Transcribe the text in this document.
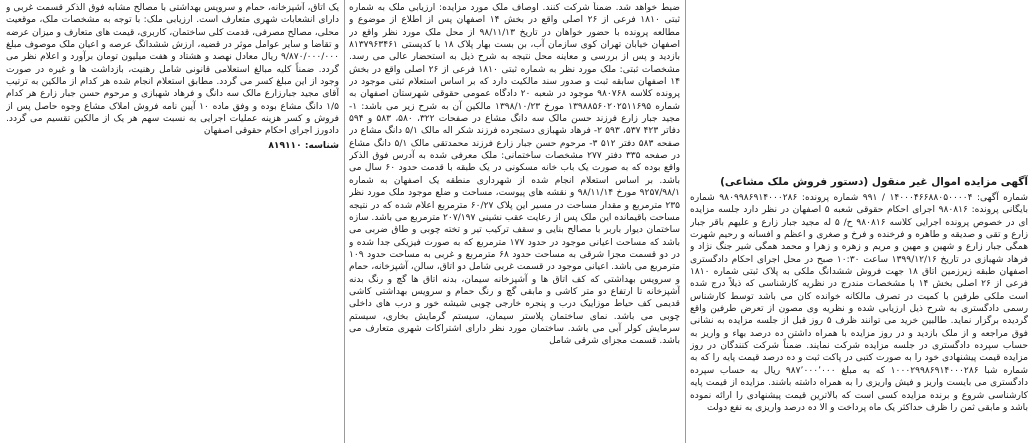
آگهی مزایده اموال غیر منقول (دستور فروش ملک مشاعی)
شماره آگهی: ۱۴۰۰۰۴۶۶۸۸۰۵۰۰۰۰۴ / ۹۹۱ شماره پرونده: ۹۸۰۹۹۸۶۹۱۴۰۰۰۲۸۶ شماره بایگانی پرونده: ۹۸۰۸۱۶ اجرای احکام حقوقی شعبه ۵ اصفهان در نظر دارد جلسه مزایده ای در خصوص پرونده اجرایی کلاسه ۹۸۰۸۱۶ ح/ ۵ له مجید جبار زارع و علیهم باقر جبار زارع و تقی و صدیقه و طاهره و فرخنده و فرخ و صغری و اعظم و افسانه و رحیم شهرت همگی جبار زارع و شهین و مهین و مریم و زهره و زهرا و محمد همگی شیر جنگ نژاد و فرهاد شهبازی در تاریخ ۱۳۹۹/۱۲/۱۶ ساعت ۱۰:۳۰ صبح در محل اجرای احکام دادگستری اصفهان طبقه زیرزمین اتاق ۱۸ جهت فروش ششدانگ ملکی به پلاک ثبتی شماره ۱۸۱۰ فرعی از ۲۶ اصلی بخش ۱۴ با مشخصات مندرج در نظریه کارشناسی که ذیلاً درج شده است ملکی طرفین با کمیت در تصرف مالکانه خوانده کان می باشد توسط کارشناس رسمی دادگستری به شرح ذیل ارزیابی شده و نظریه وی مصون از تعرض طرفین واقع گردیده برگزار نماید. طالبین خرید می توانند ظرف ۵ روز قبل از جلسه مزایده به نشانی فوق مراجعه و از ملک بازدید و در روز مزایده با همراه داشتن ده درصد بهاء و واریز به حساب سپرده دادگستری در جلسه مزایده شرکت نمایند. ضمناً شرکت کنندگان در روز مزایده قیمت پیشنهادی خود را به صورت کتبی در پاکت ثبت و ده درصد قیمت پایه را که به شماره شبا ۱۰۰۰۲۹۹۸۶۹۱۴۰۰۰۲۸۶ که به مبلغ ۹۸۷٬۰۰۰٬۰۰۰ ریال به حساب سپرده دادگستری می بایست واریز و فیش واریزی را به همراه داشته باشند. مزایده از قیمت پایه کارشناسی شروع و برنده مزایده کسی است که بالاترین قیمت پیشنهادی را ارائه نموده باشد و مابقی ثمن را ظرف حداکثر یک ماه پرداخت و الا ده درصد واریزی به نفع دولت
ضبط خواهد شد. ضمناً شرکت کنند. اوصاف ملک مورد مزایده: ارزیابی ملک به شماره ثبتی ۱۸۱۰ فرعی از ۲۶ اصلی واقع در بخش ۱۴ اصفهان پس از اطلاع از موضوع و مطالعه پرونده با حضور خواهان در تاریخ ۹۸/۱۱/۱۳ از محل ملک مورد نظر واقع در اصفهان خیابان تهران کوی سازمان آب، بن بست بهار پلاک ۱۸ با کدپستی ۸۱۳۷۹۶۳۴۶۱ بازدید و پس از بررسی و معاینه محل نتیجه به شرح ذیل به استحضار عالی می رسد. مشخصات ثبتی: ملک مورد نظر به شماره ثبتی ۱۸۱۰ فرعی از ۲۶ اصلی واقع در بخش ۱۴ اصفهان سابقه ثبت و صدور سند مالکیت دارد که بر اساس استعلام ثبتی موجود در پرونده کلاسه ۹۸۰۷۶۸ موجود در شعبه ۲۰ دادگاه عمومی حقوقی شهرستان اصفهان به شماره ۱۳۹۸۸۵۶۰۲۰۲۵۱۱۶۹۵ مورخ ۱۳۹۸/۱۰/۲۳ مالکین آن به شرح زیر می باشد: ۱- مجید جبار زارع فرزند حسن مالک سه دانگ مشاع در صفحات ۳۲۲، ۵۸۰، ۵۸۳ و ۵۹۴ دفاتر ۴۲۳ ۵۳۷، ۵۹۳ ۲- فرهاد شهبازی دستجرده فرزند شکر اله مالک ۵/۱ دانگ مشاع در صفحه ۵۸۳ دفتر ۵۱۲ ۳- مرحوم حسن جبار زارع فرزند محمدتقی مالک ۵/۱ دانگ مشاع در صفحه ۳۳۵ دفتر ۲۷۷ مشخصات ساختمانی: ملک معرفی شده به آدرس فوق الذکر واقع بوده که به صورت یک باب خانه مسکونی در یک طبقه با قدمت حدود ۶۰ سال می باشد. بر اساس استعلام انجام شده از شهرداری منطقه یک اصفهان به شماره ۹۲۵۷/۹۸/۱ مورخ ۹۸/۱۱/۱۴ و نقشه های پیوست، مساحت و ضلع موجود ملک مورد نظر ۲۳۵ مترمربع و مقدار مساحت در مسیر این پلاک ۶۰/۲۷ مترمربع اعلام شده که در نتیجه مساحت باقیمانده این ملک پس از رعایت عقب نشینی ۲۰۷/۱۹۷ مترمربع می باشد. سازه ساختمان دیوار باربر با مصالح بنایی و سقف ترکیب تیر و تخته چوبی و طاق ضربی می باشد که مساحت اعیانی موجود در حدود ۱۷۷ مترمربع که به صورت فیزیکی جدا شده و در دو قسمت مجزا شرقی به مساحت حدود ۶۸ مترمربع و غربی به مساحت حدود ۱۰۹ مترمربع می باشد. اعیانی موجود در قسمت غربی شامل دو اتاق، سالن، آشپزخانه، حمام و سرویس بهداشتی که کف اتاق ها و آشپزخانه سیمان، بدنه اتاق ها گچ و رنگ بدنه آشپزخانه تا ارتفاع دو متر کاشی و مابقی گچ و رنگ حمام و سرویس بهداشتی کاشی قدیمی کف حیاط موزاییک درب و پنجره خارجی چوبی شیشه خور و درب های داخلی چوبی می باشد. نمای ساختمان پلاستر سیمان، سیستم گرمایش بخاری، سیستم سرمایش کولر آبی می باشد. ساختمان مورد نظر دارای اشتراکات شهری متعارف می باشد. قسمت مجزای شرقی شامل
یک اتاق، آشپزخانه، حمام و سرویس بهداشتی با مصالح مشابه فوق الذکر قسمت غربی و دارای انشعابات شهری متعارف است. ارزیابی ملک: با توجه به مشخصات ملک، موقعیت محلی، مصالح مصرفی، قدمت کلی ساختمان، کاربری، قیمت های متعارف و میزان عرضه و تقاضا و سایر عوامل موثر در قضیه، ارزش ششدانگ عرصه و اعیان ملک موصوف مبلغ ۹/۸۷۰/۰۰۰/۰۰۰ ریال معادل نهصد و هشتاد و هفت میلیون تومان برآورد و اعلام نظر می گردد. ضمناً کلیه مبالغ استعلامی قانونی شامل رهنیت، بازداشت ها و غیره در صورت وجود از این مبلغ کسر می گردد. مطابق استعلام انجام شده هر کدام از مالکین به ترتیب آقای مجید جبارزارع مالک سه دانگ و فرهاد شهبازی و مرحوم حسن جبار زارع هر کدام ۱/۵ دانگ مشاع بوده و وفق ماده ۱۰ آیین نامه فروش املاک مشاع وجوه حاصل پس از فروش و کسر هزینه عملیات اجرایی به نسبت سهم هر یک از مالکین تقسیم می گردد. دادورز اجرای احکام حقوقی اصفهان
شناسه: ۸۱۹۱۱۰
